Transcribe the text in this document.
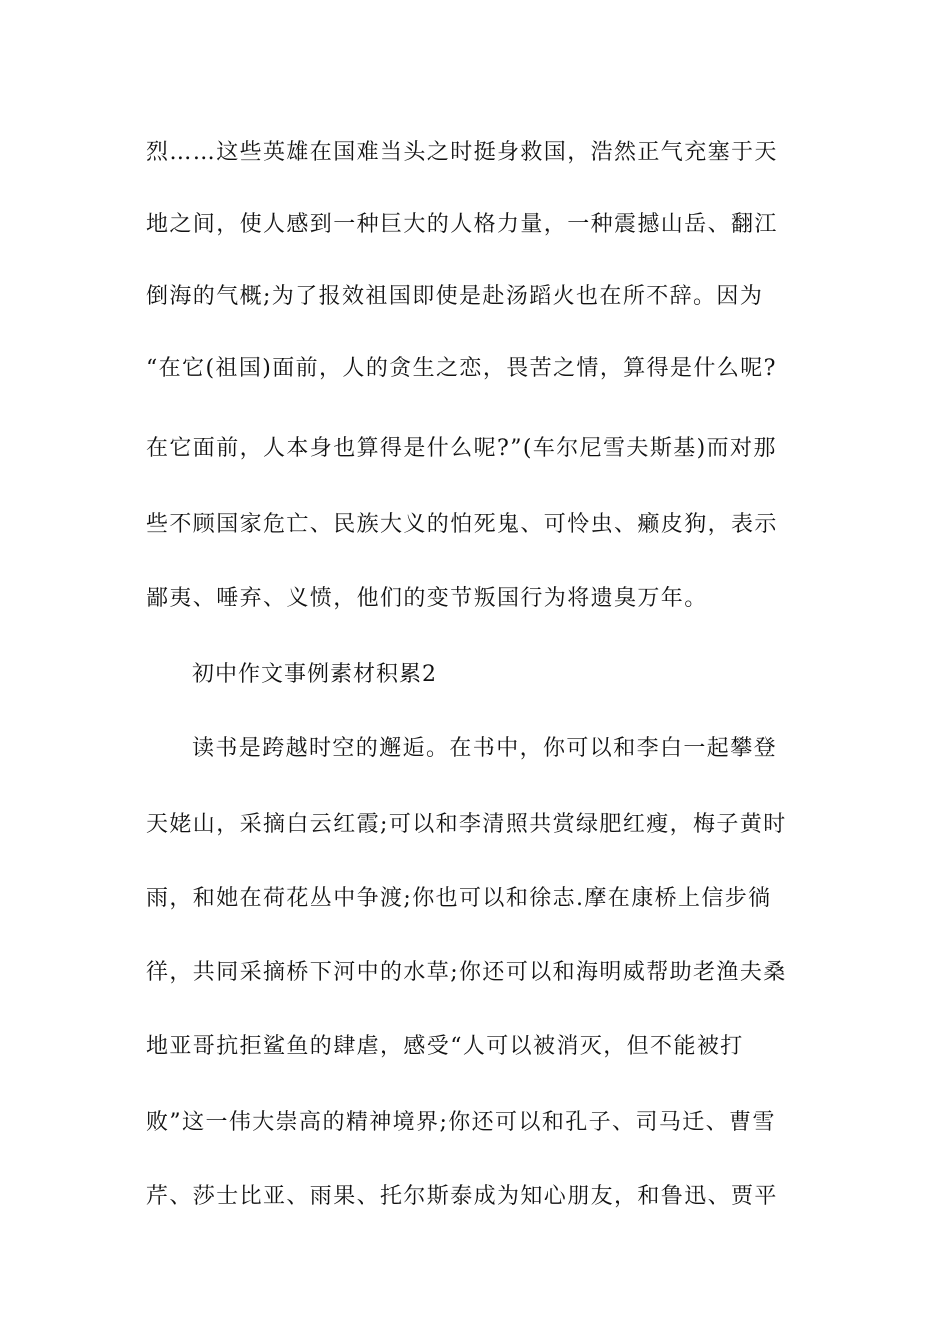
烈……这些英雄在国难当头之时挺身救国，浩然正气充塞于天
地之间，使人感到一种巨大的人格力量，一种震撼山岳、翻江
倒海的气概;为了报效祖国即使是赴汤蹈火也在所不辞。因为
“在它(祖国)面前，人的贪生之恋，畏苦之情，算得是什么呢?
在它面前，人本身也算得是什么呢?”(车尔尼雪夫斯基)而对那
些不顾国家危亡、民族大义的怕死鬼、可怜虫、癞皮狗，表示
鄙夷、唾弃、义愤，他们的变节叛国行为将遗臭万年。
初中作文事例素材积累2
读书是跨越时空的邂逅。在书中，你可以和李白一起攀登
天姥山，采摘白云红霞;可以和李清照共赏绿肥红瘦，梅子黄时
雨，和她在荷花丛中争渡;你也可以和徐志.摩在康桥上信步徜
徉，共同采摘桥下河中的水草;你还可以和海明威帮助老渔夫桑
地亚哥抗拒鲨鱼的肆虐，感受“人可以被消灭，但不能被打
败”这一伟大崇高的精神境界;你还可以和孔子、司马迁、曹雪
芹、莎士比亚、雨果、托尔斯泰成为知心朋友，和鲁迅、贾平
